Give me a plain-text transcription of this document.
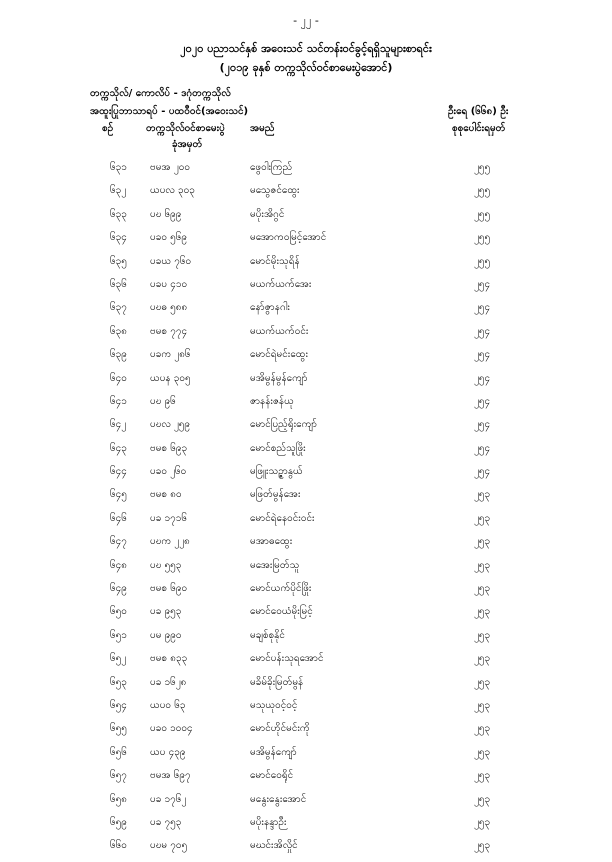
- ၂၂ -
၂၀၂၀ ပညာသင်နှစ် အဝေးသင် သင်တန်းဝင်ခွင့်ရရှိသူများစာရင်း
(၂၀၁၉ ခုနှစ် တက္ကသိုလ်ဝင်စာမေးပွဲအောင်)
တက္ကသိုလ်/ ကောလိပ် - ဒဂုံတက္ကသိုလ်
အထူးပြုဘာသာရပ် - ပထဝီဝင်(အဝေးသင်)	ဦးရေ (၆၆၈) ဦး
စဉ်	တက္ကသိုလ်ဝင်စာမေးပွဲ	အမည်	စုစုပေါင်းရမှတ်
ခုံအမှတ်
၆၃၁ ဗမအ ၂၀၀	ဖွေဝါးကြည်	၂၅၅
၆၃၂ ယပလ ၃၀၃	မသွေဇင်ထွေး	၂၅၅
၆၃၃ ပဎ ၆၉၉	မပိုးအိဂွင်	၂၅၅
၆၃၄ ပခဝ ၅၆၉	မအောကဝမြင့်အောင်	၂၅၅
၆၃၅ ပခယ ၇၆၀	မောင်မိုးသုရိန်	၂၅၅
၆၃၆ ပခပ ၄၁၀	မယက်ယက်အေး	၂၅၄
၆၃၇ ပဎဓ ၅၈၈	နော်ဇွာနဂါး	၂၅၄
၆၃၈ ဗမစ ၇၇၄	မယက်ယက်ဝင်း	၂၅၄
၆၃၉ ပခက ၂၈၆	မောင်ရဲမင်းထွေး	၂၅၄
၆၄၀ ယပန ၃၀၅	မအိမွန်မွန်ကျော်	၂၅၄
၆၄၁ ပဎ ၉၆	ဇာနန်းဇန်ယု	၂၅၄
၆၄၂ ပဎလ ၂၅၉	မောင်ပြည့်ရိုးကျော်	၂၅၄
၆၄၃ ဗမစ ၆၉၃	မောင်စည်သူဖြိုး	၂၅၄
၆၄၄ ပခဝ ၂၆၀	မဖြူးသဉ္ဇာနွယ်	၂၅၄
၆၄၅ ဗမစ ၈၀	မဖြတ်မွန်အေး	၂၅၃
၆၄၆ ပခ ၁၇၁၆	မောင်ရဲနေဝင်းဝင်း	၂၅၃
၆၄၇ ပဎက ၂၂၈	မအာဓထွေး	၂၅၃
၆၄၈ ပဎ ၅၅၃	မအေးမြတ်သူ	၂၅၃
၆၄၉ ဗမစ ၆၉၀	မောင်ယက်ပိုင်ဖြိုး	၂၅၃
၆၅၀ ပခ ၉၅၃	မောင်ဝေယံမိုးမြင့်	၂၅၃
၆၅၁ ပမ ၉၉၀	မချစ်စုနိုင်	၂၅၃
၆၅၂ ဗမစ ၈၃၃	မောင်ပန်းသုရအောင်	၂၅၃
၆၅၃ ပခ ၁၆၂၈	မခိမ်ခိုးမြတ်မွန်	၂၅၃
၆၅၄ ယပဝ ၆၃	မသုယုဝင့်ဝင့်	၂၅၃
၆၅၅ ပခဝ ၁၀၀၄	မောင်ဟိုင်မင်းကို	၂၅၃
၆၅၆ ယပ ၄၃၉	မအိမွန်ကျော်	၂၅၃
၆၅၇ ဗမအ ၆၉၇	မောင်ဝေရိုင်	၂၅၃
၆၅၈ ပခ ၁၇၆၂	မနွေးနွေးအောင်	၂၅၃
၆၅၉ ပခ ၇၅၃	မပိုးနန္ဒာဉီး	၂၅၃
၆၆၀ ပဎမ ၇၀၅	မဃင်းအိလှိုင်	၂၅၃
